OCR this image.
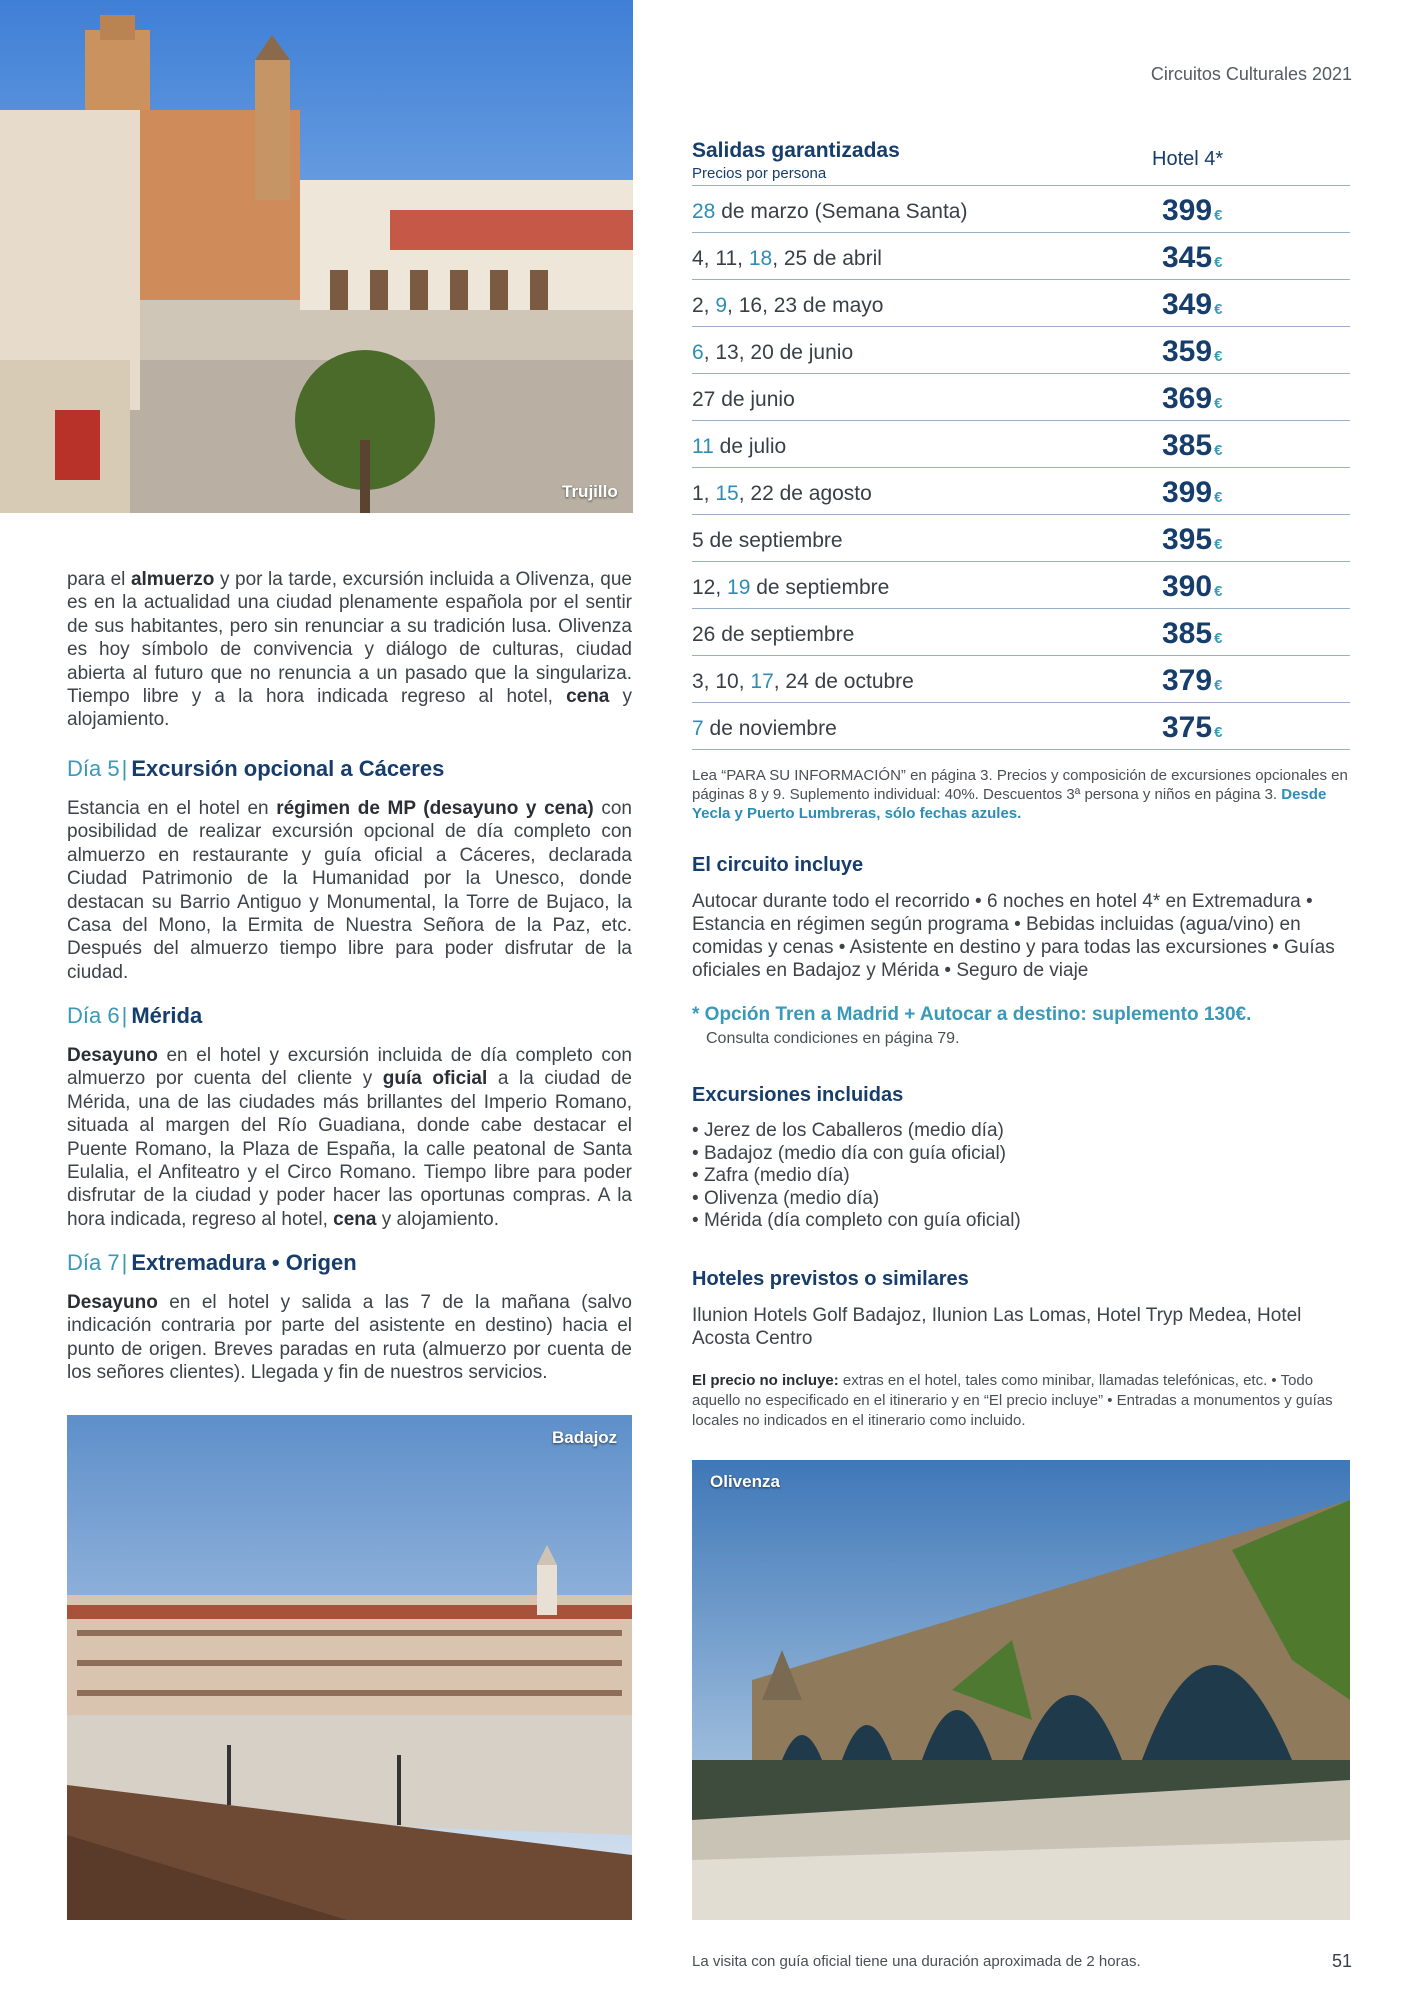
Circuitos Culturales 2021
Trujillo

para el almuerzo y por la tarde, excursión incluida a Olivenza, que es en la actualidad una ciudad plenamente española por el sentir de sus habitantes, pero sin renunciar a su tradición lusa. Olivenza es hoy símbolo de convivencia y diálogo de culturas, ciudad abierta al futuro que no renuncia a un pasado que la singulariza. Tiempo libre y a la hora indicada regreso al hotel, cena y alojamiento.

Día 5| Excursión opcional a Cáceres

Estancia en el hotel en régimen de MP (desayuno y cena) con posibilidad de realizar excursión opcional de día completo con almuerzo en restaurante y guía oficial a Cáceres, declarada Ciudad Patrimonio de la Humanidad por la Unesco, donde destacan su Barrio Antiguo y Monumental, la Torre de Bujaco, la Casa del Mono, la Ermita de Nuestra Señora de la Paz, etc. Después del almuerzo tiempo libre para poder disfrutar de la ciudad.

Día 6| Mérida

Desayuno en el hotel y excursión incluida de día completo con almuerzo por cuenta del cliente y guía oficial a la ciudad de Mérida, una de las ciudades más brillantes del Imperio Romano, situada al margen del Río Guadiana, donde cabe destacar el Puente Romano, la Plaza de España, la calle peatonal de Santa Eulalia, el Anfiteatro y el Circo Romano. Tiempo libre para poder disfrutar de la ciudad y poder hacer las oportunas compras. A la hora indicada, regreso al hotel, cena y alojamiento.

Día 7| Extremadura • Origen

Desayuno en el hotel y salida a las 7 de la mañana (salvo indicación contraria por parte del asistente en destino) hacia el punto de origen. Breves paradas en ruta (almuerzo por cuenta de los señores clientes). Llegada y fin de nuestros servicios.

Badajoz
Salidas garantizadas
Precios por persona
Hotel 4*
28 de marzo (Semana Santa)	399 €
4, 11, 18, 25 de abril	345 €
2, 9, 16, 23 de mayo	349 €
6, 13, 20 de junio	359 €
27 de junio	369 €
11 de julio	385 €
1, 15, 22 de agosto	399 €
5 de septiembre	395 €
12, 19 de septiembre	390 €
26 de septiembre	385 €
3, 10, 17, 24 de octubre	379 €
7 de noviembre	375 €

Lea “PARA SU INFORMACIÓN” en página 3. Precios y composición de excursiones opcionales en páginas 8 y 9. Suplemento individual: 40%. Descuentos 3ª persona y niños en página 3. Desde Yecla y Puerto Lumbreras, sólo fechas azules.

El circuito incluye

Autocar durante todo el recorrido • 6 noches en hotel 4* en Extremadura • Estancia en régimen según programa • Bebidas incluidas (agua/vino) en comidas y cenas • Asistente en destino y para todas las excursiones • Guías oficiales en Badajoz y Mérida • Seguro de viaje

* Opción Tren a Madrid + Autocar a destino: suplemento 130€.

Consulta condiciones en página 79.

Excursiones incluidas

• Jerez de los Caballeros (medio día)
• Badajoz (medio día con guía oficial)
• Zafra (medio día)
• Olivenza (medio día)
• Mérida (día completo con guía oficial)

Hoteles previstos o similares

Ilunion Hotels Golf Badajoz, Ilunion Las Lomas, Hotel Tryp Medea, Hotel Acosta Centro

El precio no incluye: extras en el hotel, tales como minibar, llamadas telefónicas, etc. • Todo aquello no especificado en el itinerario y en “El precio incluye” • Entradas a monumentos y guías locales no indicados en el itinerario como incluido.

Olivenza
La visita con guía oficial tiene una duración aproximada de 2 horas.	51
